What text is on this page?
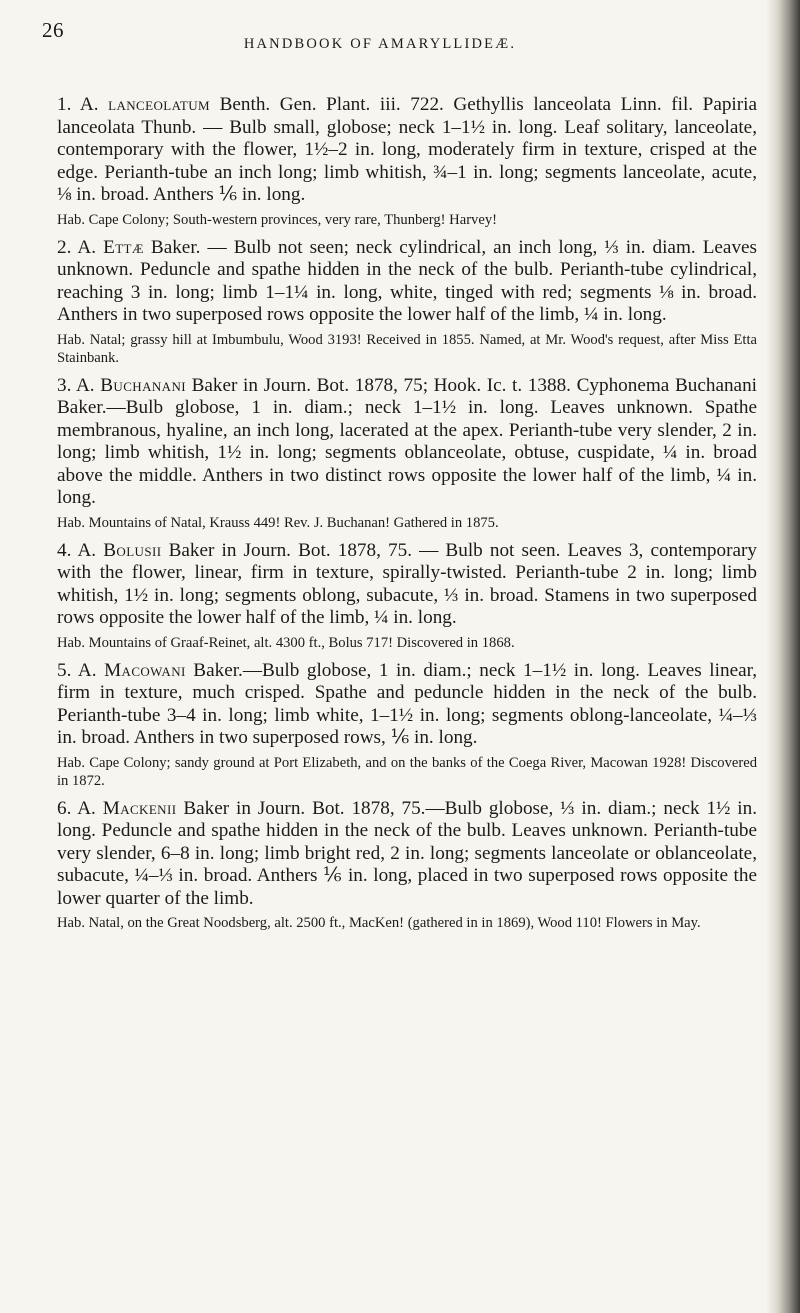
26
HANDBOOK OF AMARYLLIDEÆ.

1. A. lanceolatum Benth. Gen. Plant. iii. 722. Gethyllis lanceolata Linn. fil. Papiria lanceolata Thunb. — Bulb small, globose; neck 1–1½ in. long. Leaf solitary, lanceolate, contemporary with the flower, 1½–2 in. long, moderately firm in texture, crisped at the edge. Perianth-tube an inch long; limb whitish, ¾–1 in. long; segments lanceolate, acute, ⅛ in. broad. Anthers ⅙ in. long.

Hab. Cape Colony; South-western provinces, very rare, Thunberg! Harvey!

2. A. Ettæ Baker. — Bulb not seen; neck cylindrical, an inch long, ⅓ in. diam. Leaves unknown. Peduncle and spathe hidden in the neck of the bulb. Perianth-tube cylindrical, reaching 3 in. long; limb 1–1¼ in. long, white, tinged with red; segments ⅛ in. broad. Anthers in two superposed rows opposite the lower half of the limb, ¼ in. long.

Hab. Natal; grassy hill at Imbumbulu, Wood 3193! Received in 1855. Named, at Mr. Wood's request, after Miss Etta Stainbank.

3. A. Buchanani Baker in Journ. Bot. 1878, 75; Hook. Ic. t. 1388. Cyphonema Buchanani Baker.—Bulb globose, 1 in. diam.; neck 1–1½ in. long. Leaves unknown. Spathe membranous, hyaline, an inch long, lacerated at the apex. Perianth-tube very slender, 2 in. long; limb whitish, 1½ in. long; segments oblanceolate, obtuse, cuspidate, ¼ in. broad above the middle. Anthers in two distinct rows opposite the lower half of the limb, ¼ in. long.

Hab. Mountains of Natal, Krauss 449! Rev. J. Buchanan! Gathered in 1875.

4. A. Bolusii Baker in Journ. Bot. 1878, 75. — Bulb not seen. Leaves 3, contemporary with the flower, linear, firm in texture, spirally-twisted. Perianth-tube 2 in. long; limb whitish, 1½ in. long; segments oblong, subacute, ⅓ in. broad. Stamens in two superposed rows opposite the lower half of the limb, ¼ in. long.

Hab. Mountains of Graaf-Reinet, alt. 4300 ft., Bolus 717! Discovered in 1868.

5. A. Macowani Baker.—Bulb globose, 1 in. diam.; neck 1–1½ in. long. Leaves linear, firm in texture, much crisped. Spathe and peduncle hidden in the neck of the bulb. Perianth-tube 3–4 in. long; limb white, 1–1½ in. long; segments oblong-lanceolate, ¼–⅓ in. broad. Anthers in two superposed rows, ⅙ in. long.

Hab. Cape Colony; sandy ground at Port Elizabeth, and on the banks of the Coega River, Macowan 1928! Discovered in 1872.

6. A. Mackenii Baker in Journ. Bot. 1878, 75.—Bulb globose, ⅓ in. diam.; neck 1½ in. long. Peduncle and spathe hidden in the neck of the bulb. Leaves unknown. Perianth-tube very slender, 6–8 in. long; limb bright red, 2 in. long; segments lanceolate or oblanceolate, subacute, ¼–⅓ in. broad. Anthers ⅙ in. long, placed in two superposed rows opposite the lower quarter of the limb.

Hab. Natal, on the Great Noodsberg, alt. 2500 ft., MacKen! (gathered in in 1869), Wood 110! Flowers in May.
